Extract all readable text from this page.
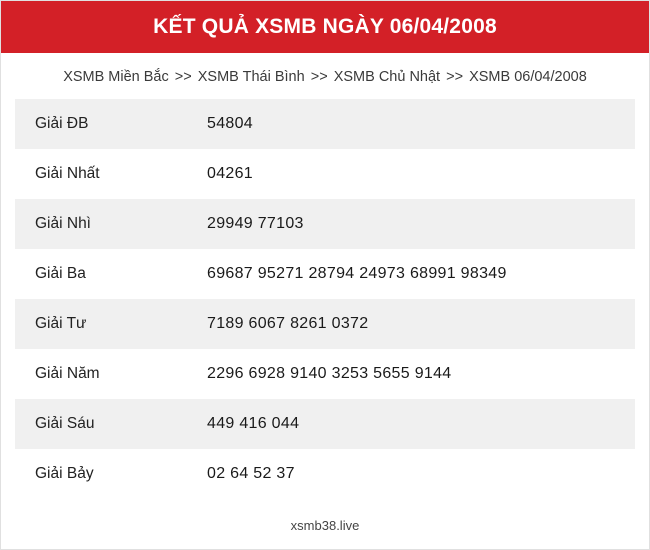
KẾT QUẢ XSMB NGÀY 06/04/2008
XSMB Miền Bắc >> XSMB Thái Bình >> XSMB Chủ Nhật >> XSMB 06/04/2008
Giải ĐB	54804
Giải Nhất	04261
Giải Nhì	29949 77103
Giải Ba	69687 95271 28794 24973 68991 98349
Giải Tư	7189 6067 8261 0372
Giải Năm	2296 6928 9140 3253 5655 9144
Giải Sáu	449 416 044
Giải Bảy	02 64 52 37
xsmb38.live
